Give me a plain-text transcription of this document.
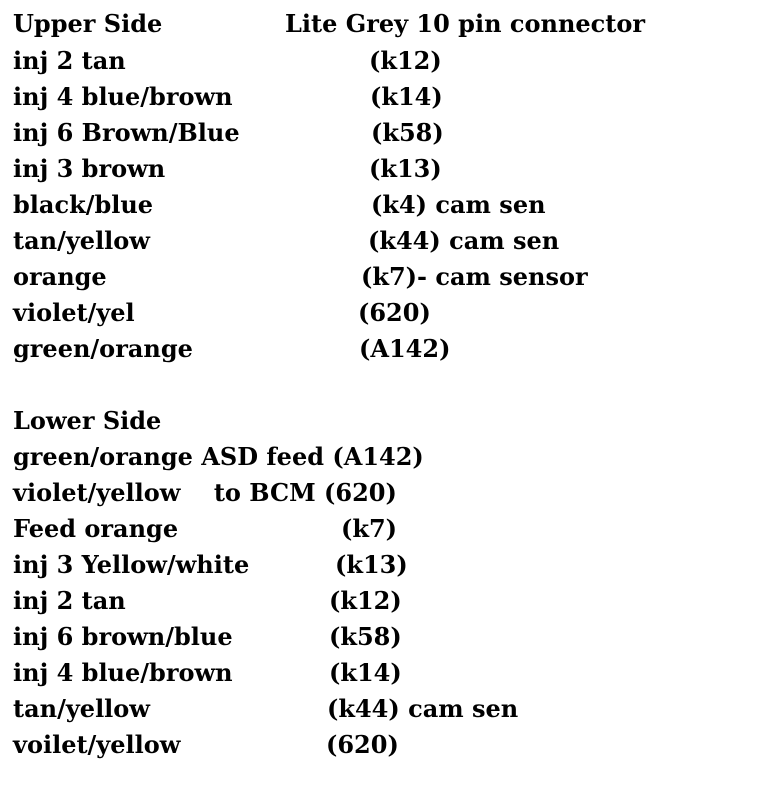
Upper Side	Lite Grey 10 pin connector
inj 2 tan	(k12)
inj 4 blue/brown	(k14)
inj 6 Brown/Blue	(k58)
inj 3 brown	(k13)
black/blue	(k4) cam sen
tan/yellow	(k44) cam sen
orange	(k7)- cam sensor
violet/yel	(620)
green/orange	(A142)
Lower Side
green/orange ASD feed (A142)
violet/yellow    to BCM (620)
Feed orange	(k7)
inj 3 Yellow/white	(k13)
inj 2 tan	(k12)
inj 6 brown/blue	(k58)
inj 4 blue/brown	(k14)
tan/yellow	(k44) cam sen
voilet/yellow	(620)
